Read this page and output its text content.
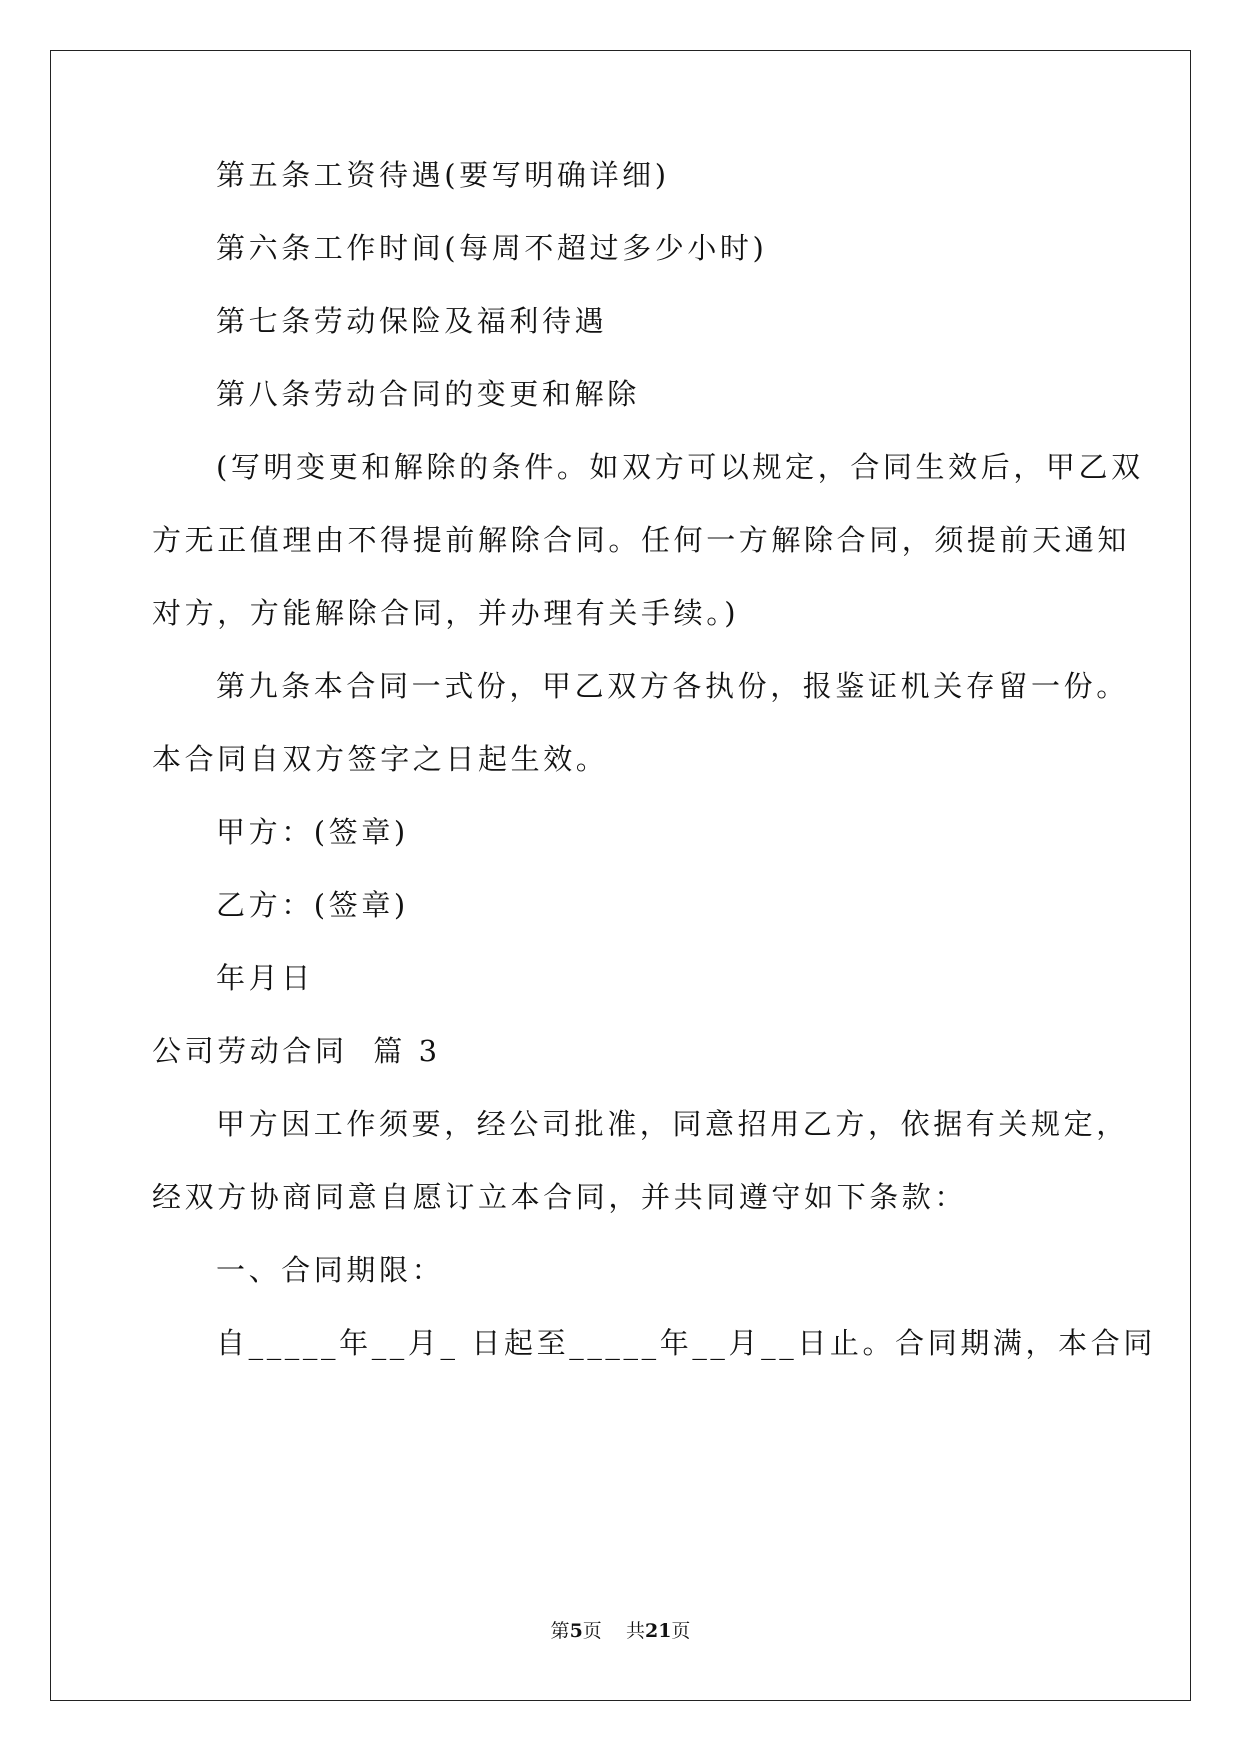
第五条工资待遇(要写明确详细)
第六条工作时间(每周不超过多少小时)
第七条劳动保险及福利待遇
第八条劳动合同的变更和解除
(写明变更和解除的条件。如双方可以规定，合同生效后，甲乙双
方无正值理由不得提前解除合同。任何一方解除合同，须提前天通知
对方，方能解除合同，并办理有关手续。)
第九条本合同一式份，甲乙双方各执份，报鉴证机关存留一份。
本合同自双方签字之日起生效。
甲方：(签章)
乙方：(签章)
年月日
公司劳动合同  篇 3
甲方因工作须要，经公司批准，同意招用乙方，依据有关规定，
经双方协商同意自愿订立本合同，并共同遵守如下条款：
一、合同期限：
自_____年__月_ 日起至_____年__月__日止。合同期满，本合同
第5页    共21页
